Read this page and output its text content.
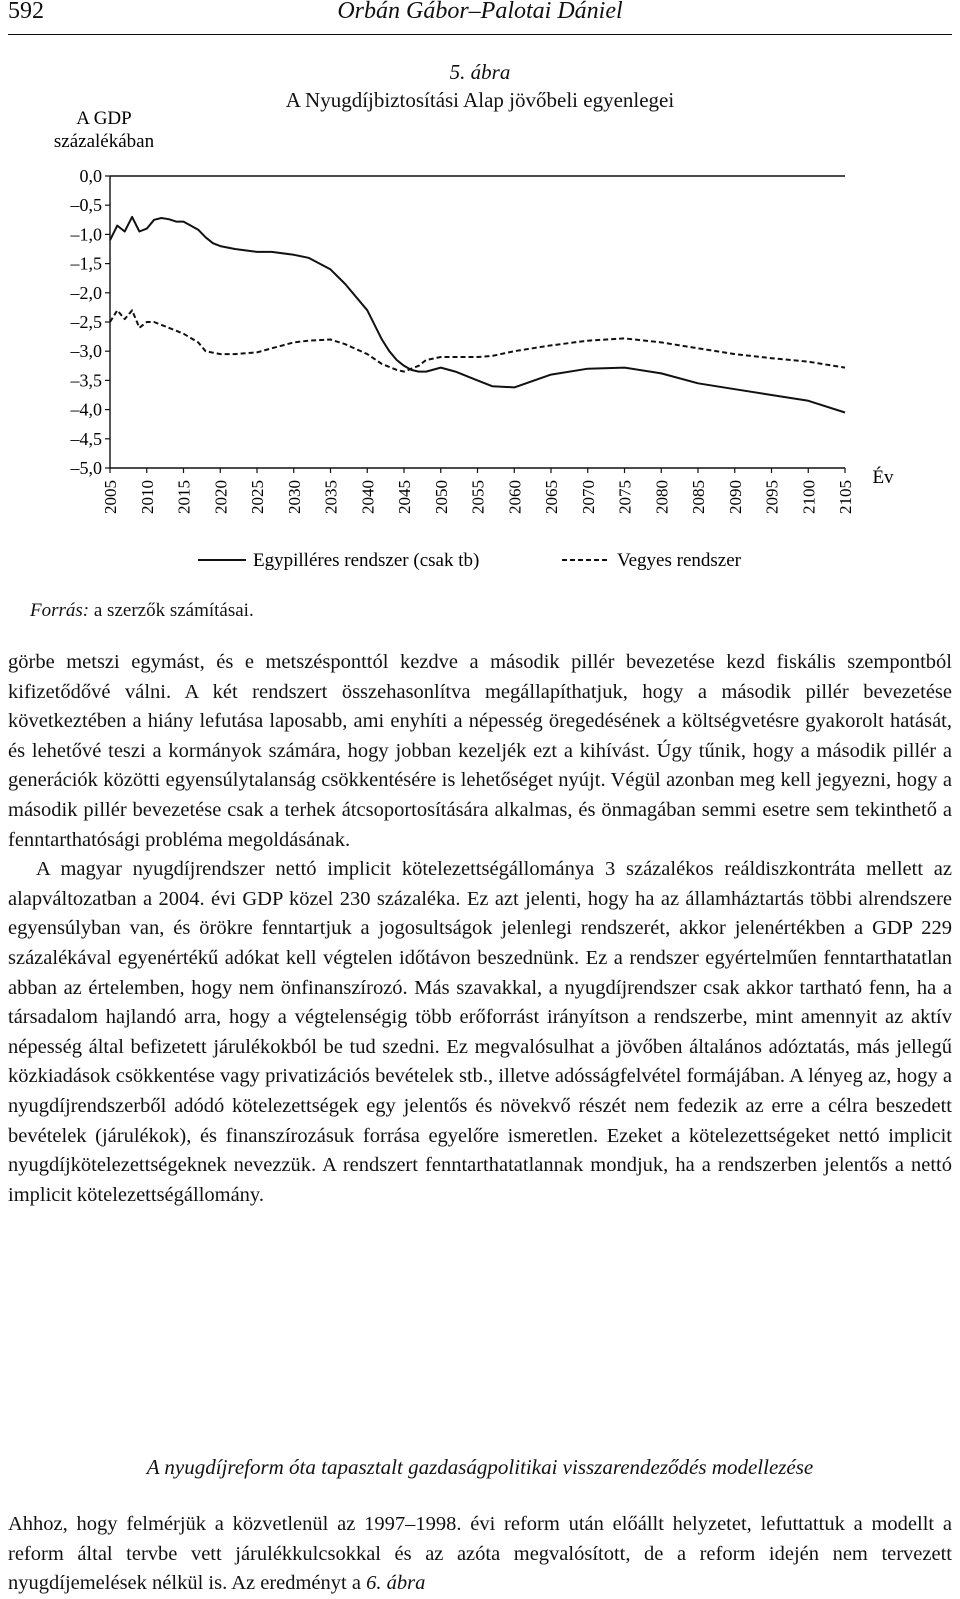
592	Orbán Gábor–Palotai Dániel
5. ábra
A Nyugdíjbiztosítási Alap jövőbeli egyenlegei
A GDP
százalékában
0,0
–0,5
–1,0
–1,5
–2,0
–2,5
–3,0
–3,5
–4,0
–4,5
–5,0
2005 2010 2015 2020 2025 2030 2035 2040 2045 2050 2055 2060 2065 2070 2075 2080 2085 2090 2095 2100 2105
Év
Egypilléres rendszer (csak tb)	Vegyes rendszer
Forrás: a szerzők számításai.

görbe metszi egymást, és e metszésponttól kezdve a második pillér bevezetése kezd fiskális szempontból kifizetődővé válni. A két rendszert összehasonlítva megállapíthatjuk, hogy a második pillér bevezetése következtében a hiány lefutása laposabb, ami enyhíti a népesség öregedésének a költségvetésre gyakorolt hatását, és lehetővé teszi a kormányok számára, hogy jobban kezeljék ezt a kihívást. Úgy tűnik, hogy a második pillér a generációk közötti egyensúlytalanság csökkentésére is lehetőséget nyújt. Végül azonban meg kell jegyezni, hogy a második pillér bevezetése csak a terhek átcsoportosítására alkalmas, és önmagában semmi esetre sem tekinthető a fenntarthatósági probléma megoldásának.

A magyar nyugdíjrendszer nettó implicit kötelezettségállománya 3 százalékos reáldiszkontráta mellett az alapváltozatban a 2004. évi GDP közel 230 százaléka. Ez azt jelenti, hogy ha az államháztartás többi alrendszere egyensúlyban van, és örökre fenntartjuk a jogosultságok jelenlegi rendszerét, akkor jelenértékben a GDP 229 százalékával egyenértékű adókat kell végtelen időtávon beszednünk. Ez a rendszer egyértelműen fenntarthatatlan abban az értelemben, hogy nem önfinanszírozó. Más szavakkal, a nyugdíjrendszer csak akkor tartható fenn, ha a társadalom hajlandó arra, hogy a végtelenségig több erőforrást irányítson a rendszerbe, mint amennyit az aktív népesség által befizetett járulékokból be tud szedni. Ez megvalósulhat a jövőben általános adóztatás, más jellegű közkiadások csökkentése vagy privatizációs bevételek stb., illetve adósságfelvétel formájában. A lényeg az, hogy a nyugdíjrendszerből adódó kötelezettségek egy jelentős és növekvő részét nem fedezik az erre a célra beszedett bevételek (járulékok), és finanszírozásuk forrása egyelőre ismeretlen. Ezeket a kötelezettségeket nettó implicit nyugdíjkötelezettségeknek nevezzük. A rendszert fenntarthatatlannak mondjuk, ha a rendszerben jelentős a nettó implicit kötelezettségállomány.

A nyugdíjreform óta tapasztalt gazdaságpolitikai visszarendeződés modellezése

Ahhoz, hogy felmérjük a közvetlenül az 1997–1998. évi reform után előállt helyzetet, lefuttattuk a modellt a reform által tervbe vett járulékkulcsokkal és az azóta megvalósított, de a reform idején nem tervezett nyugdíjemelések nélkül is. Az eredményt a 6. ábra
